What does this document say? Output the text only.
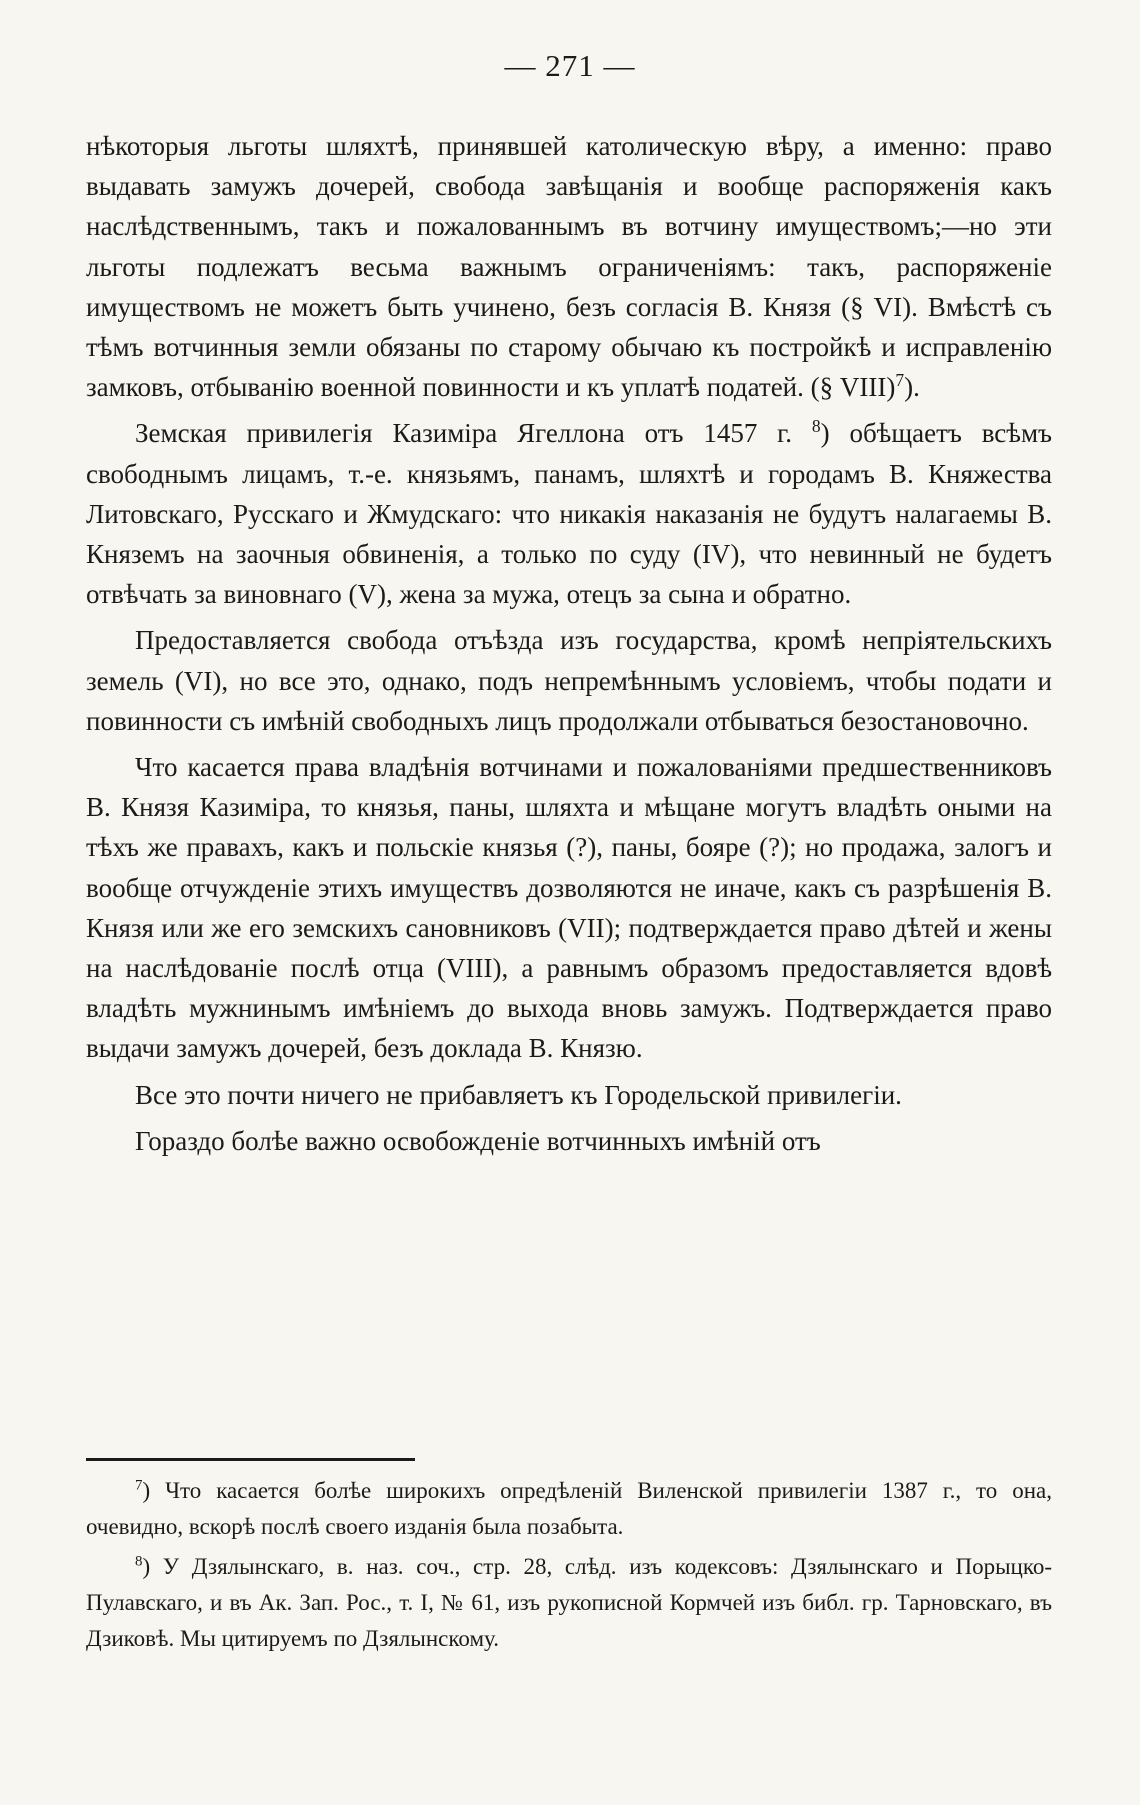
— 271 —

нѣкоторыя льготы шляхтѣ, принявшей католическую вѣру, а именно: право выдавать замужъ дочерей, свобода завѣщанія и вообще распоряженія какъ наслѣдственнымъ, такъ и пожалованнымъ въ вотчину имуществомъ;—но эти льготы подлежатъ весьма важнымъ ограниченіямъ: такъ, распоряженіе имуществомъ не можетъ быть учинено, безъ согласія В. Князя (§ VI). Вмѣстѣ съ тѣмъ вотчинныя земли обязаны по старому обычаю къ постройкѣ и исправленію замковъ, отбыванію военной повинности и къ уплатѣ податей. (§ VIII)$^7$).

Земская привилегія Казиміра Ягеллона отъ 1457 г. $^8$) обѣщаетъ всѣмъ свободнымъ лицамъ, т.-е. князьямъ, панамъ, шляхтѣ и городамъ В. Княжества Литовскаго, Русскаго и Жмудскаго: что никакія наказанія не будутъ налагаемы В. Княземъ на заочныя обвиненія, а только по суду (IV), что невинный не будетъ отвѣчать за виновнаго (V), жена за мужа, отецъ за сына и обратно.

Предоставляется свобода отъѣзда изъ государства, кромѣ непріятельскихъ земель (VI), но все это, однако, подъ непремѣннымъ условіемъ, чтобы подати и повинности съ имѣній свободныхъ лицъ продолжали отбываться безостановочно.

Что касается права владѣнія вотчинами и пожалованіями предшественниковъ В. Князя Казиміра, то князья, паны, шляхта и мѣщане могутъ владѣть оными на тѣхъ же правахъ, какъ и польскіе князья (?), паны, бояре (?); но продажа, залогъ и вообще отчужденіе этихъ имуществъ дозволяются не иначе, какъ съ разрѣшенія В. Князя или же его земскихъ сановниковъ (VII); подтверждается право дѣтей и жены на наслѣдованіе послѣ отца (VIII), а равнымъ образомъ предоставляется вдовѣ владѣть мужнинымъ имѣніемъ до выхода вновь замужъ. Подтверждается право выдачи замужъ дочерей, безъ доклада В. Князю.

Все это почти ничего не прибавляетъ къ Городельской привилегіи.

Гораздо болѣе важно освобожденіе вотчинныхъ имѣній отъ

$^7$) Что касается болѣе широкихъ опредѣленій Виленской привилегіи 1387 г., то она, очевидно, вскорѣ послѣ своего изданія была позабыта.

$^8$) У Дзялынскаго, в. наз. соч., стр. 28, слѣд. изъ кодексовъ: Дзялынскаго и Порыцко-Пулавскаго, и въ Ак. Зап. Рос., т. I, № 61, изъ рукописной Кормчей изъ библ. гр. Тарновскаго, въ Дзиковѣ. Мы цитируемъ по Дзялынскому.
